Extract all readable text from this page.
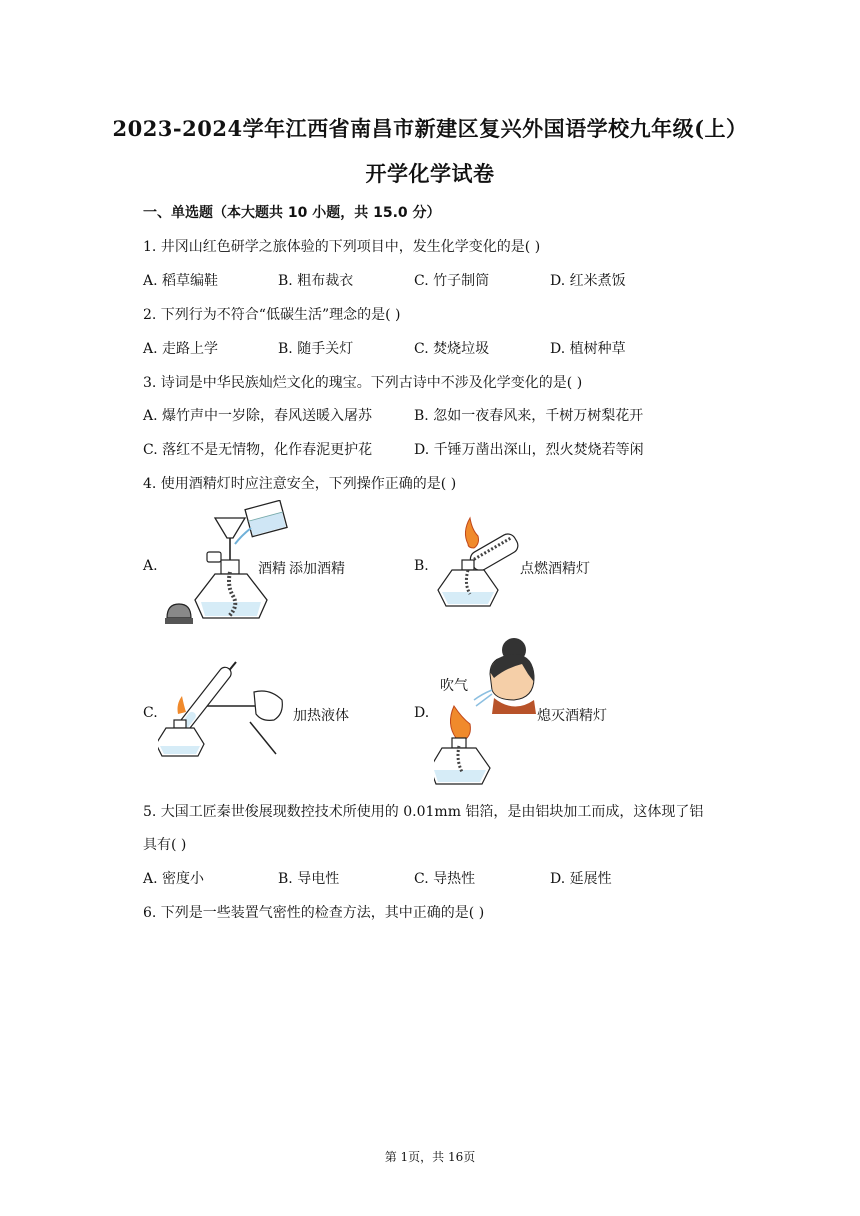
2023-2024学年江西省南昌市新建区复兴外国语学校九年级(上）
开学化学试卷
一、单选题（本大题共 10 小题，共 15.0 分）
1. 井冈山红色研学之旅体验的下列项目中，发生化学变化的是( )
A. 稻草编鞋	B. 粗布裁衣	C. 竹子制筒	D. 红米煮饭
2. 下列行为不符合“低碳生活”理念的是( )
A. 走路上学	B. 随手关灯	C. 焚烧垃圾	D. 植树种草
3. 诗词是中华民族灿烂文化的瑰宝。下列古诗中不涉及化学变化的是( )
A. 爆竹声中一岁除，春风送暖入屠苏	B. 忽如一夜春风来，千树万树梨花开
C. 落红不是无情物，化作春泥更护花	D. 千锤万凿出深山，烈火焚烧若等闲
4. 使用酒精灯时应注意安全，下列操作正确的是( )
A.	酒精 添加酒精	B.	点燃酒精灯
C.	加热液体	D.
吹气
熄灭酒精灯
5. 大国工匠秦世俊展现数控技术所使用的 0.01mm 铝箔，是由铝块加工而成，这体现了铝
具有( )
A. 密度小	B. 导电性	C. 导热性	D. 延展性
6. 下列是一些装置气密性的检查方法，其中正确的是( )
第 1页，共 16页
